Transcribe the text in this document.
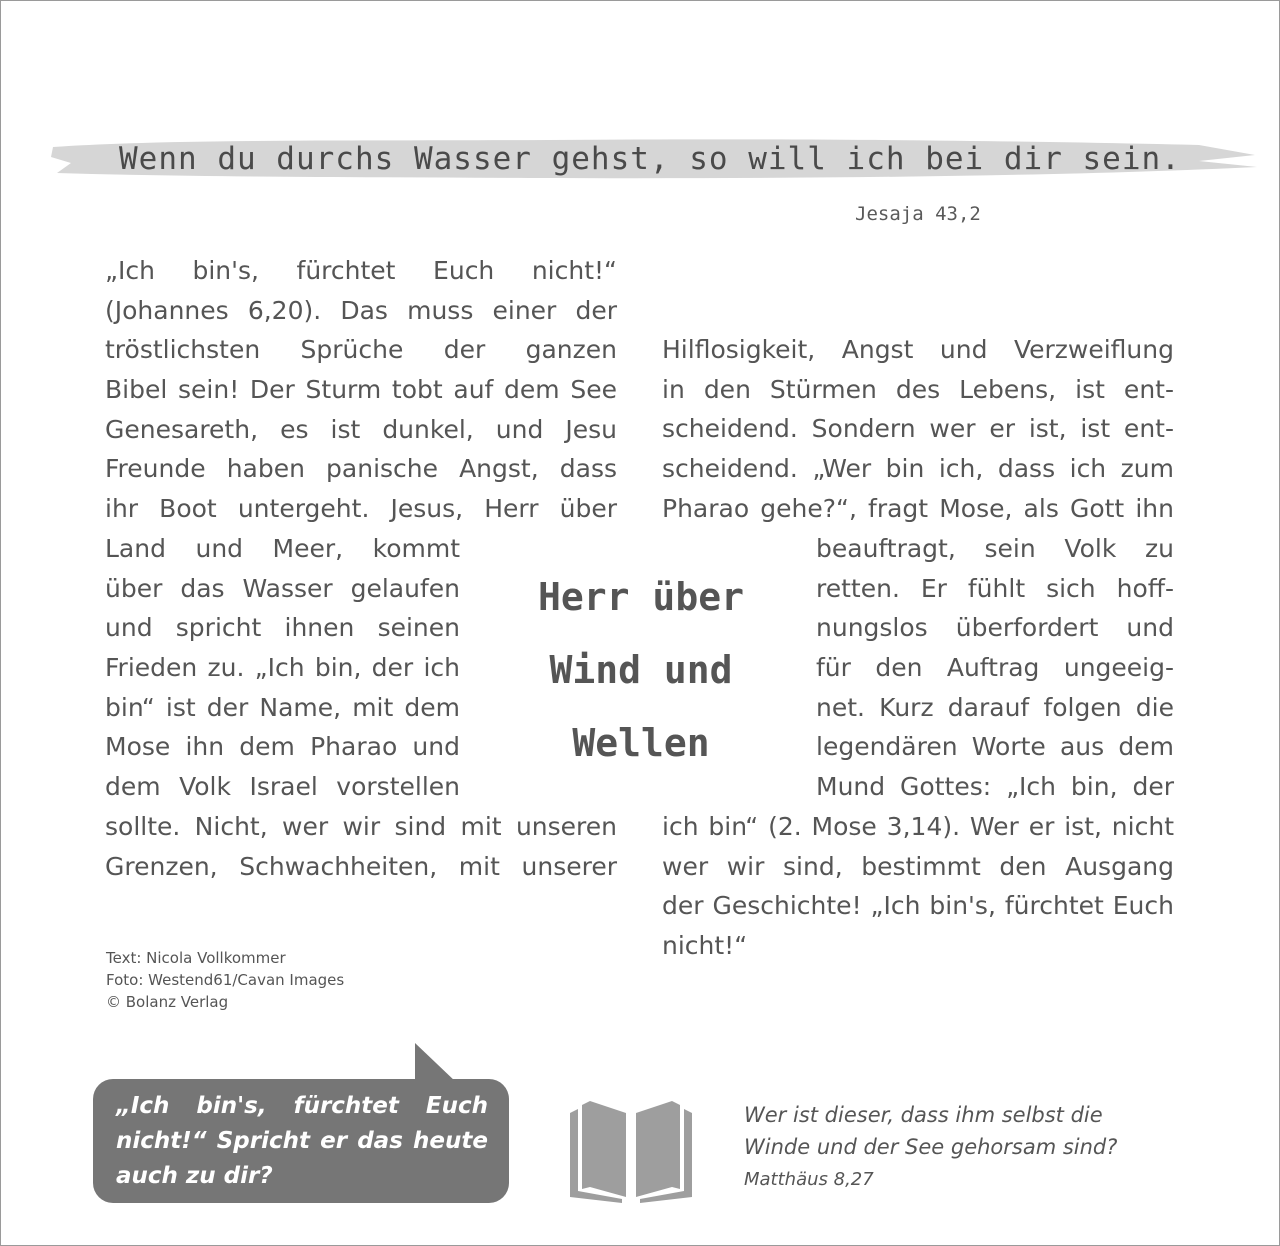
Wenn du durchs Wasser gehst, so will ich bei dir sein.
Jesaja 43,2
„Ich bin's, fürchtet Euch nicht!“
(Johannes 6,20). Das muss einer der
tröstlichsten Sprüche der ganzen
Bibel sein! Der Sturm tobt auf dem See
Genesareth, es ist dunkel, und Jesu
Freunde haben panische Angst, dass
ihr Boot untergeht. Jesus, Herr über
Land und Meer, kommt
über das Wasser gelaufen
und spricht ihnen seinen
Frieden zu. „Ich bin, der ich
bin“ ist der Name, mit dem
Mose ihn dem Pharao und
dem Volk Israel vorstellen
sollte. Nicht, wer wir sind mit unseren
Grenzen, Schwachheiten, mit unserer
Hilflosigkeit, Angst und Verzweiflung
in den Stürmen des Lebens, ist ent-
scheidend. Sondern wer er ist, ist ent-
scheidend. „Wer bin ich, dass ich zum
Pharao gehe?“, fragt Mose, als Gott ihn
beauftragt, sein Volk zu
retten. Er fühlt sich hoff-
nungslos überfordert und
für den Auftrag ungeeig-
net. Kurz darauf folgen die
legendären Worte aus dem
Mund Gottes: „Ich bin, der
ich bin“ (2. Mose 3,14). Wer er ist, nicht
wer wir sind, bestimmt den Ausgang
der Geschichte! „Ich bin's, fürchtet Euch
nicht!“
Herr über
Wind und
Wellen
Text: Nicola Vollkommer
Foto: Westend61/Cavan Images
© Bolanz Verlag
„Ich bin's, fürchtet Euch
nicht!“ Spricht er das heute
auch zu dir?
Wer ist dieser, dass ihm selbst die
Winde und der See gehorsam sind?
Matthäus 8,27
